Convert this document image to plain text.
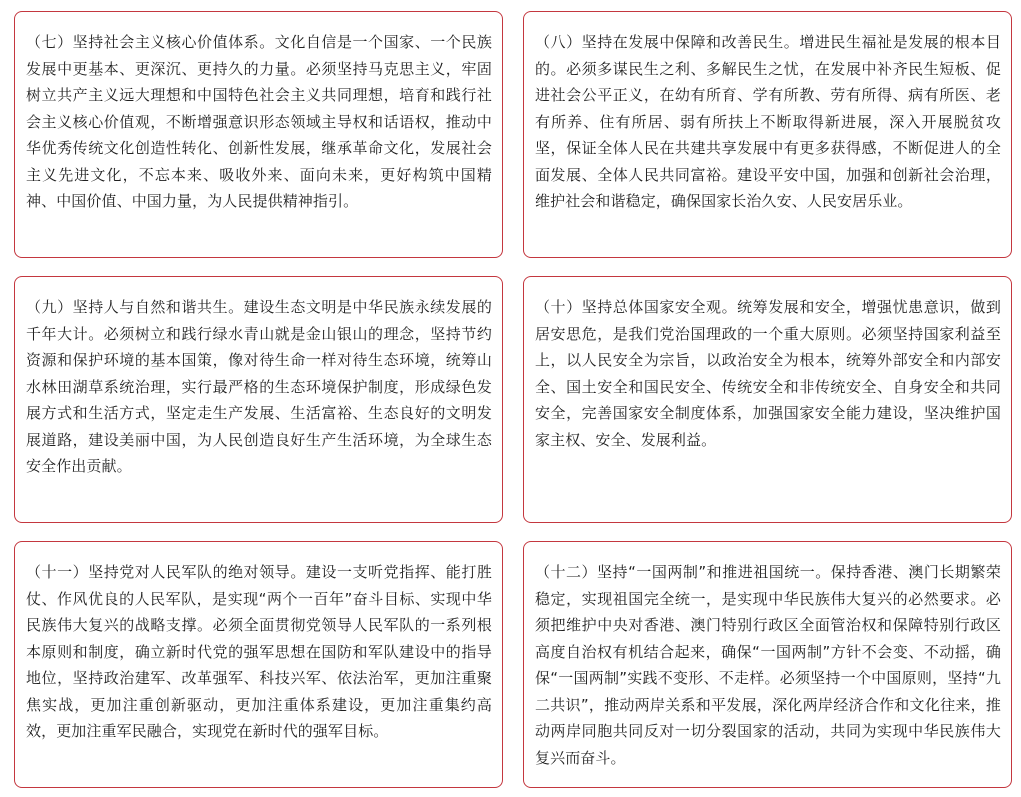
（七）坚持社会主义核心价值体系。文化自信是一个国家、一个民族发展中更基本、更深沉、更持久的力量。必须坚持马克思主义，牢固树立共产主义远大理想和中国特色社会主义共同理想，培育和践行社会主义核心价值观，不断增强意识形态领域主导权和话语权，推动中华优秀传统文化创造性转化、创新性发展，继承革命文化，发展社会主义先进文化，不忘本来、吸收外来、面向未来，更好构筑中国精神、中国价值、中国力量，为人民提供精神指引。

（八）坚持在发展中保障和改善民生。增进民生福祉是发展的根本目的。必须多谋民生之利、多解民生之忧，在发展中补齐民生短板、促进社会公平正义，在幼有所育、学有所教、劳有所得、病有所医、老有所养、住有所居、弱有所扶上不断取得新进展，深入开展脱贫攻坚，保证全体人民在共建共享发展中有更多获得感，不断促进人的全面发展、全体人民共同富裕。建设平安中国，加强和创新社会治理，维护社会和谐稳定，确保国家长治久安、人民安居乐业。

（九）坚持人与自然和谐共生。建设生态文明是中华民族永续发展的千年大计。必须树立和践行绿水青山就是金山银山的理念，坚持节约资源和保护环境的基本国策，像对待生命一样对待生态环境，统筹山水林田湖草系统治理，实行最严格的生态环境保护制度，形成绿色发展方式和生活方式，坚定走生产发展、生活富裕、生态良好的文明发展道路，建设美丽中国，为人民创造良好生产生活环境，为全球生态安全作出贡献。

（十）坚持总体国家安全观。统筹发展和安全，增强忧患意识，做到居安思危，是我们党治国理政的一个重大原则。必须坚持国家利益至上，以人民安全为宗旨，以政治安全为根本，统筹外部安全和内部安全、国土安全和国民安全、传统安全和非传统安全、自身安全和共同安全，完善国家安全制度体系，加强国家安全能力建设，坚决维护国家主权、安全、发展利益。

（十一）坚持党对人民军队的绝对领导。建设一支听党指挥、能打胜仗、作风优良的人民军队，是实现“两个一百年”奋斗目标、实现中华民族伟大复兴的战略支撑。必须全面贯彻党领导人民军队的一系列根本原则和制度，确立新时代党的强军思想在国防和军队建设中的指导地位，坚持政治建军、改革强军、科技兴军、依法治军，更加注重聚焦实战，更加注重创新驱动，更加注重体系建设，更加注重集约高效，更加注重军民融合，实现党在新时代的强军目标。

（十二）坚持“一国两制”和推进祖国统一。保持香港、澳门长期繁荣稳定，实现祖国完全统一，是实现中华民族伟大复兴的必然要求。必须把维护中央对香港、澳门特别行政区全面管治权和保障特别行政区高度自治权有机结合起来，确保“一国两制”方针不会变、不动摇，确保“一国两制”实践不变形、不走样。必须坚持一个中国原则，坚持“九二共识”，推动两岸关系和平发展，深化两岸经济合作和文化往来，推动两岸同胞共同反对一切分裂国家的活动，共同为实现中华民族伟大复兴而奋斗。
